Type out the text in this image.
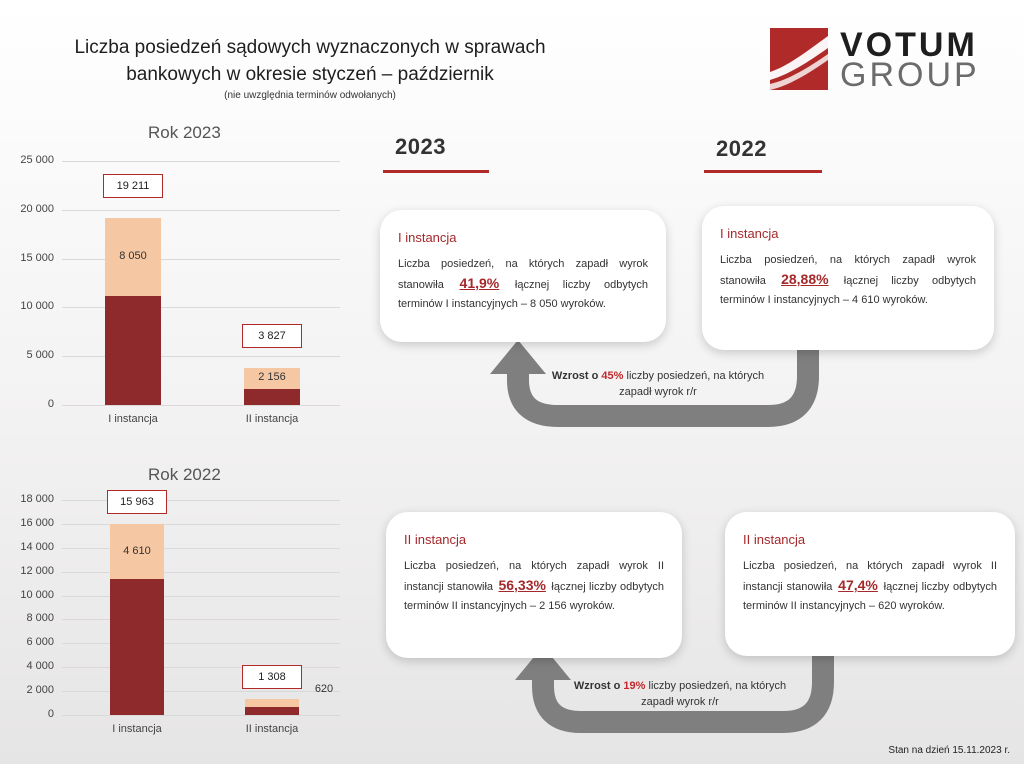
Liczba posiedzeń sądowych wyznaczonych w sprawach
bankowych w okresie styczeń – październik
(nie uwzględnia terminów odwołanych)
VOTUM
GROUP
Rok 2023
25 000
20 000
15 000
10 000
5 000
0
8 050
19 211
I instancja
2 156
3 827
II instancja
Rok 2022
18 000
16 000
14 000
12 000
10 000
8 000
6 000
4 000
2 000
0
4 610
15 963
I instancja
620
1 308
II instancja
2023	2022
Wzrost o 45% liczby posiedzeń, na których zapadł wyrok r/r
Wzrost o 19% liczby posiedzeń, na których zapadł wyrok r/r
I instancja
Liczba posiedzeń, na których zapadł wyrok stanowiła 41,9% łącznej liczby odbytych terminów I instancyjnych – 8 050 wyroków.
I instancja
Liczba posiedzeń, na których zapadł wyrok stanowiła 28,88% łącznej liczby odbytych terminów I instancyjnych – 4 610 wyroków.
II instancja
Liczba posiedzeń, na których zapadł wyrok II instancji stanowiła 56,33% łącznej liczby odbytych terminów II instancyjnych – 2 156 wyroków.
II instancja
Liczba posiedzeń, na których zapadł wyrok II instancji stanowiła 47,4% łącznej liczby odbytych terminów II instancyjnych – 620 wyroków.
Stan na dzień 15.11.2023 r.
